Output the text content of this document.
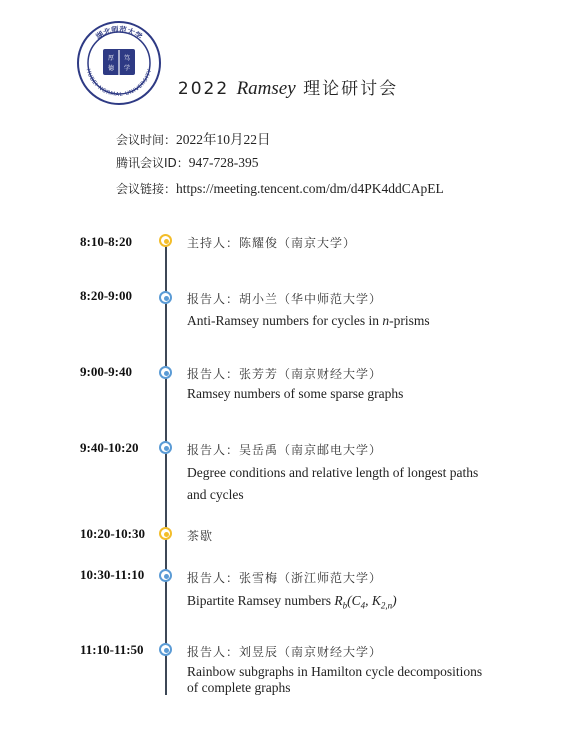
湖北师范大学
HUBEI NORMAL UNIVERSITY
厚
德
笃
学
2022 Ramsey 理论研讨会
会议时间：2022年10月22日
腾讯会议ID：947-728-395
会议链接：https://meeting.tencent.com/dm/d4PK4ddCApEL
8:10-8:20	主持人：陈耀俊（南京大学）
8:20-9:00	报告人：胡小兰（华中师范大学）
Anti-Ramsey numbers for cycles in n-prisms
9:00-9:40	报告人：张芳芳（南京财经大学）
Ramsey numbers of some sparse graphs
9:40-10:20	报告人：吴岳禹（南京邮电大学）
Degree conditions and relative length of longest paths
and cycles
10:20-10:30	茶歇
10:30-11:10	报告人：张雪梅（浙江师范大学）
Bipartite Ramsey numbers $R_b(C_4$, $K_{2,n}$)
11:10-11:50	报告人：刘昱辰（南京财经大学）
Rainbow subgraphs in Hamilton cycle decompositions
of complete graphs
